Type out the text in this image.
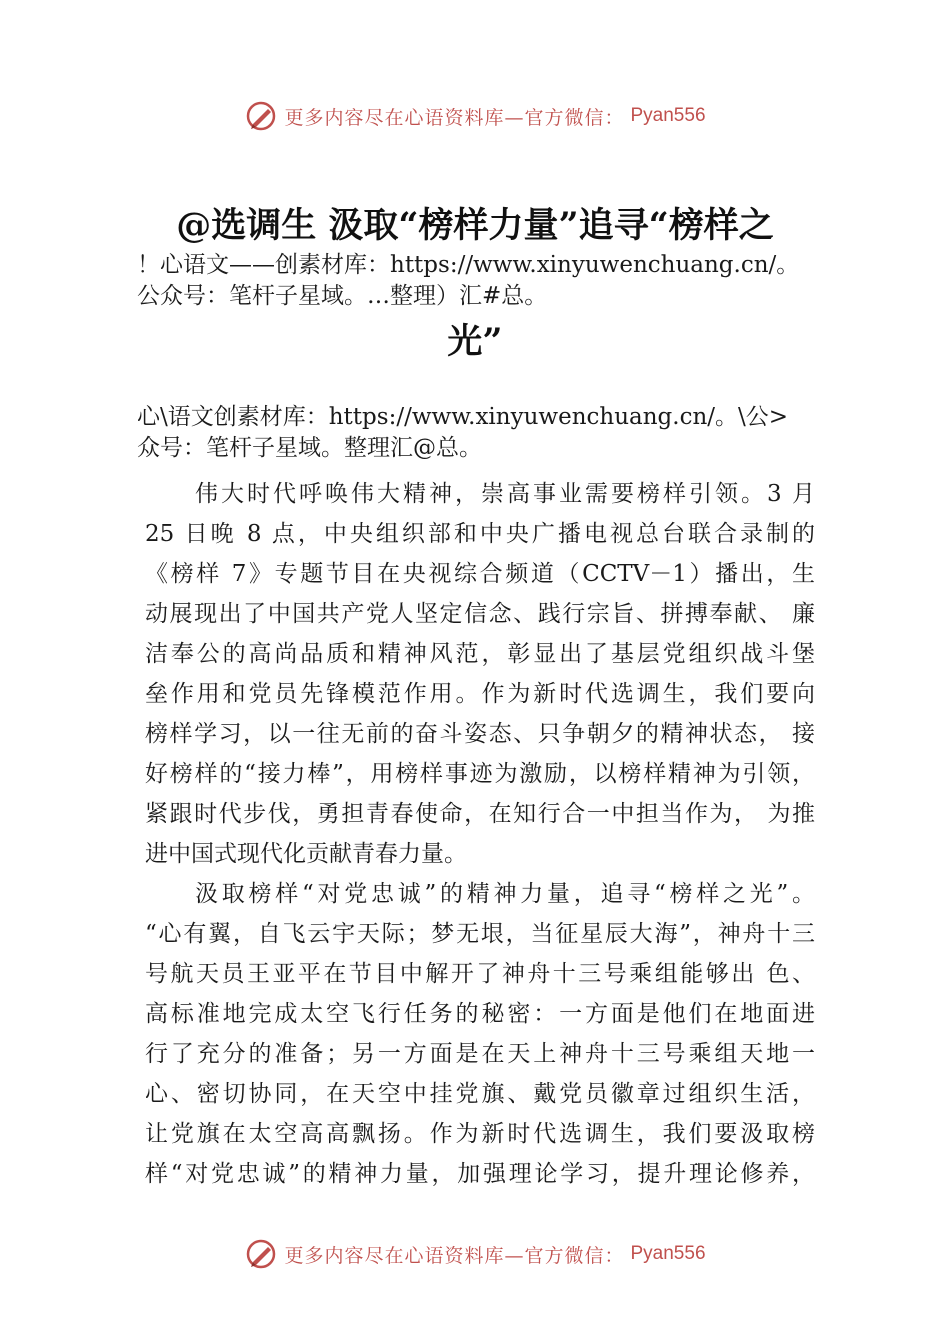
更多内容尽在心语资料库—官方微信： Pyan556
@选调生 汲取“榜样力量”追寻“榜样之
！心语文——创素材库：https://www.xinyuwenchuang.cn/。
公众号：笔杆子星域。…整理）汇#总。
光”
心\语文创素材库：https://www.xinyuwenchuang.cn/。\公>
众号：笔杆子星域。整理汇@总。
伟大时代呼唤伟大精神，崇高事业需要榜样引领。3 月
25 日晚 8 点，中央组织部和中央广播电视总台联合录制的
《榜样 7》专题节目在央视综合频道（CCTV－1）播出，生
动展现出了中国共产党人坚定信念、践行宗旨、拼搏奉献、 廉
洁奉公的高尚品质和精神风范，彰显出了基层党组织战斗堡
垒作用和党员先锋模范作用。作为新时代选调生，我们要向
榜样学习，以一往无前的奋斗姿态、只争朝夕的精神状态， 接
好榜样的“接力棒”，用榜样事迹为激励，以榜样精神为引领，
紧跟时代步伐，勇担青春使命，在知行合一中担当作为， 为推
进中国式现代化贡献青春力量。
汲取榜样“对党忠诚”的精神力量，追寻“榜样之光”。
“心有翼，自飞云宇天际；梦无垠，当征星辰大海”，神舟十三
号航天员王亚平在节目中解开了神舟十三号乘组能够出 色、
高标准地完成太空飞行任务的秘密：一方面是他们在地面进
行了充分的准备；另一方面是在天上神舟十三号乘组天地一
心、密切协同，在天空中挂党旗、戴党员徽章过组织生活，
让党旗在太空高高飘扬。作为新时代选调生，我们要汲取榜
样“对党忠诚”的精神力量，加强理论学习，提升理论修养，
更多内容尽在心语资料库—官方微信： Pyan556
